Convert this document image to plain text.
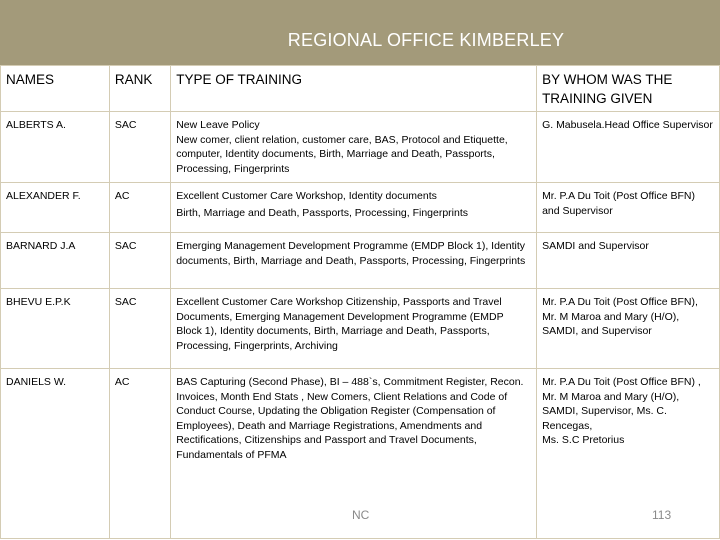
REGIONAL OFFICE KIMBERLEY
NAMES	RANK	TYPE OF TRAINING	BY WHOM WAS THE
TRAINING GIVEN

ALBERTS A.	SAC	New Leave Policy
New comer, client relation, customer care, BAS, Protocol and Etiquette, computer, Identity documents, Birth, Marriage and Death, Passports, Processing, Fingerprints	G. Mabusela.Head Office Supervisor
ALEXANDER F.	AC	Excellent Customer Care Workshop, Identity documents
Birth, Marriage and Death, Passports, Processing, Fingerprints	Mr. P.A Du Toit (Post Office BFN) and Supervisor
BARNARD J.A	SAC	Emerging Management Development Programme (EMDP Block 1), Identity documents, Birth, Marriage and Death, Passports, Processing, Fingerprints	SAMDI and Supervisor
BHEVU E.P.K	SAC	Excellent Customer Care Workshop Citizenship, Passports and Travel Documents, Emerging Management Development Programme (EMDP Block 1), Identity documents, Birth, Marriage and Death, Passports, Processing, Fingerprints, Archiving	Mr. P.A Du Toit (Post Office BFN), Mr. M Maroa and Mary (H/O), SAMDI, and Supervisor
DANIELS W.	AC	BAS Capturing (Second Phase), BI – 488`s, Commitment Register, Recon. Invoices, Month End Stats , New Comers, Client Relations and Code of Conduct Course, Updating the Obligation Register (Compensation of Employees), Death and Marriage Registrations, Amendments and Rectifications, Citizenships and Passport and Travel Documents, Fundamentals of PFMA	Mr. P.A Du Toit (Post Office BFN) , Mr. M Maroa and Mary (H/O), SAMDI, Supervisor, Ms. C. Rencegas,
Ms. S.C Pretorius
NC	113
